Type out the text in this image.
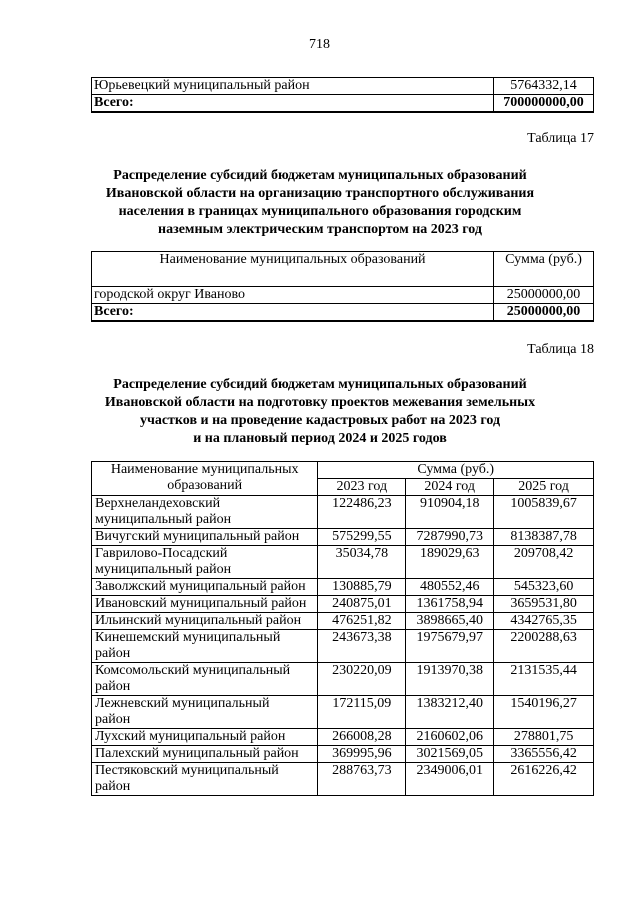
718
Юрьевецкий муниципальный район	5764332,14
Всего:	700000000,00
Таблица 17
Распределение субсидий бюджетам муниципальных образований
Ивановской области на организацию транспортного обслуживания
населения в границах муниципального образования городским
наземным электрическим транспортом на 2023 год
Наименование муниципальных образований	Сумма (руб.)
городской округ Иваново	25000000,00
Всего:	25000000,00
Таблица 18
Распределение субсидий бюджетам муниципальных образований
Ивановской области на подготовку проектов межевания земельных
участков и на проведение кадастровых работ на 2023 год
и на плановый период 2024 и 2025 годов
Наименование муниципальных
образований	Сумма (руб.)		
	2023 год	2024 год	2025 год

Верхнеландеховский
муниципальный район	122486,23	910904,18	1005839,67

Вичугский муниципальный район	575299,55	7287990,73	8138387,78

Гаврилово-Посадский
муниципальный район	35034,78	189029,63	209708,42

Заволжский муниципальный район	130885,79	480552,46	545323,60

Ивановский муниципальный район	240875,01	1361758,94	3659531,80

Ильинский муниципальный район	476251,82	3898665,40	4342765,35

Кинешемский муниципальный
район	243673,38	1975679,97	2200288,63

Комсомольский муниципальный
район	230220,09	1913970,38	2131535,44

Лежневский муниципальный
район	172115,09	1383212,40	1540196,27

Лухский муниципальный район	266008,28	2160602,06	278801,75

Палехский муниципальный район	369995,96	3021569,05	3365556,42

Пестяковский муниципальный
район	288763,73	2349006,01	2616226,42
